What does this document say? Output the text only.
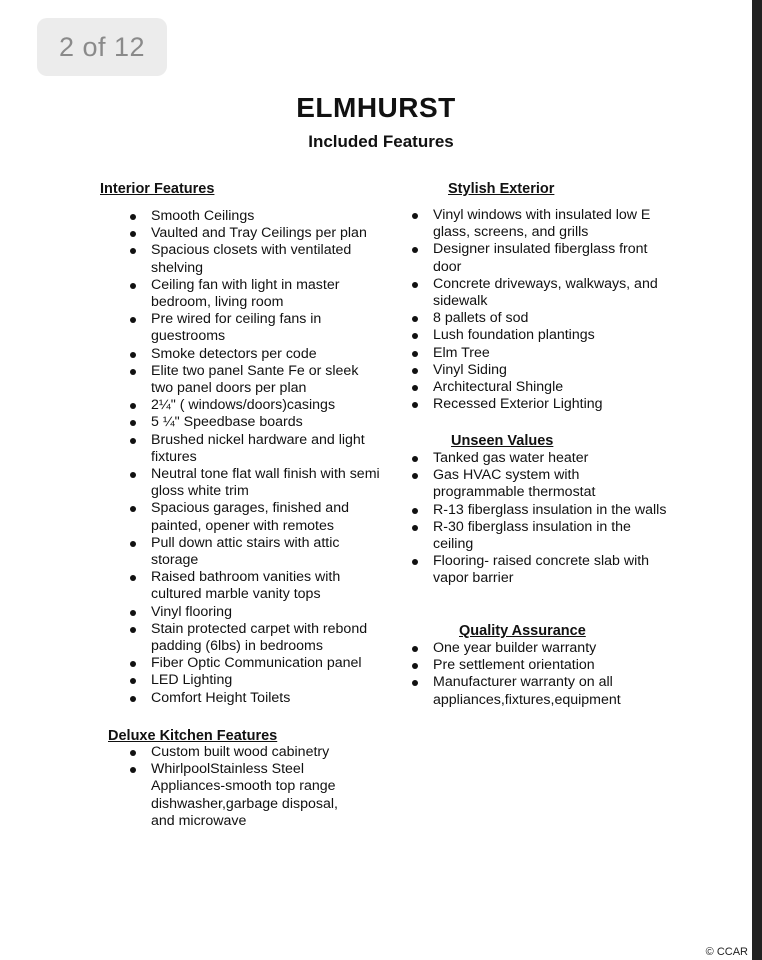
ELMHURST
Included Features
Interior Features
Smooth Ceilings
Vaulted and Tray Ceilings per plan
Spacious closets with ventilated shelving
Ceiling fan with light in master bedroom, living room
Pre wired for ceiling fans in guestrooms
Smoke detectors per code
Elite two panel Sante Fe or sleek two panel doors per plan
2¼" ( windows/doors)casings
5 ¼" Speedbase boards
Brushed nickel hardware and light fixtures
Neutral tone flat wall finish with semi gloss white trim
Spacious garages, finished and painted, opener with remotes
Pull down attic stairs with attic storage
Raised bathroom vanities with cultured marble vanity tops
Vinyl flooring
Stain protected carpet with rebond padding (6lbs) in bedrooms
Fiber Optic Communication panel
LED Lighting
Comfort Height Toilets
Deluxe Kitchen Features
Custom built wood cabinetry
WhirlpoolStainless Steel Appliances-smooth top range dishwasher,garbage disposal, and microwave
Stylish Exterior
Vinyl windows with insulated low E glass, screens, and grills
Designer insulated fiberglass front door
Concrete driveways, walkways, and sidewalk
8 pallets of sod
Lush foundation plantings
Elm Tree
Vinyl Siding
Architectural Shingle
Recessed Exterior Lighting
Unseen Values
Tanked gas water heater
Gas HVAC system with programmable thermostat
R-13 fiberglass insulation in the walls
R-30 fiberglass insulation in the ceiling
Flooring- raised concrete slab with vapor barrier
Quality Assurance
One year builder warranty
Pre settlement orientation
Manufacturer warranty on all appliances,fixtures,equipment
2 of 12
© CCAR
